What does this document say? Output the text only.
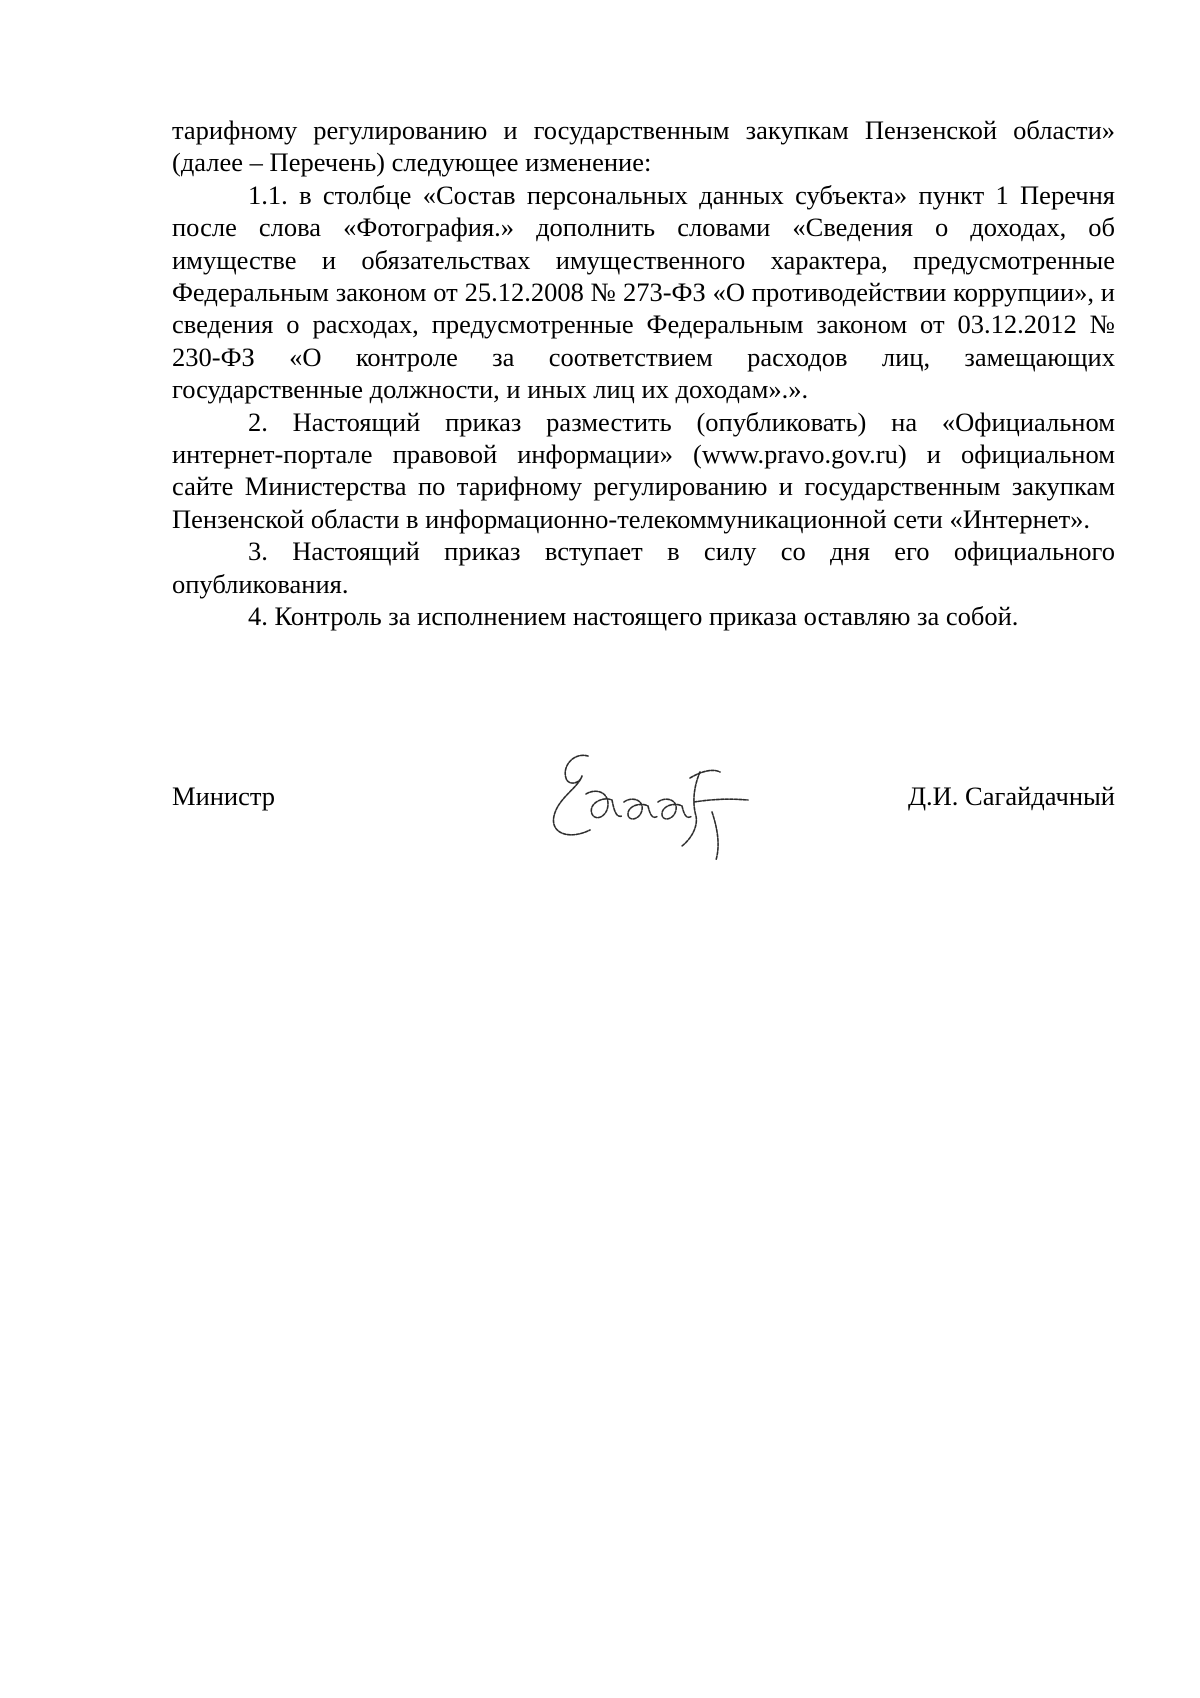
тарифному регулированию и государственным закупкам Пензенской области» (далее – Перечень) следующее изменение:

1.1. в столбце «Состав персональных данных субъекта» пункт 1 Перечня после слова «Фотография.» дополнить словами «Сведения о доходах, об имуществе и обязательствах имущественного характера, предусмотренные Федеральным законом от 25.12.2008 № 273-ФЗ «О противодействии коррупции», и сведения о расходах, предусмотренные Федеральным законом от 03.12.2012 № 230-ФЗ «О контроле за соответствием расходов лиц, замещающих государственные должности, и иных лиц их доходам».».

2. Настоящий приказ разместить (опубликовать) на «Официальном интернет-портале правовой информации» (www.pravo.gov.ru) и официальном сайте Министерства по тарифному регулированию и государственным закупкам Пензенской области в информационно-телекоммуникационной сети «Интернет».

3. Настоящий приказ вступает в силу со дня его официального опубликования.

4. Контроль за исполнением настоящего приказа оставляю за собой.

Министр	Д.И. Сагайдачный
